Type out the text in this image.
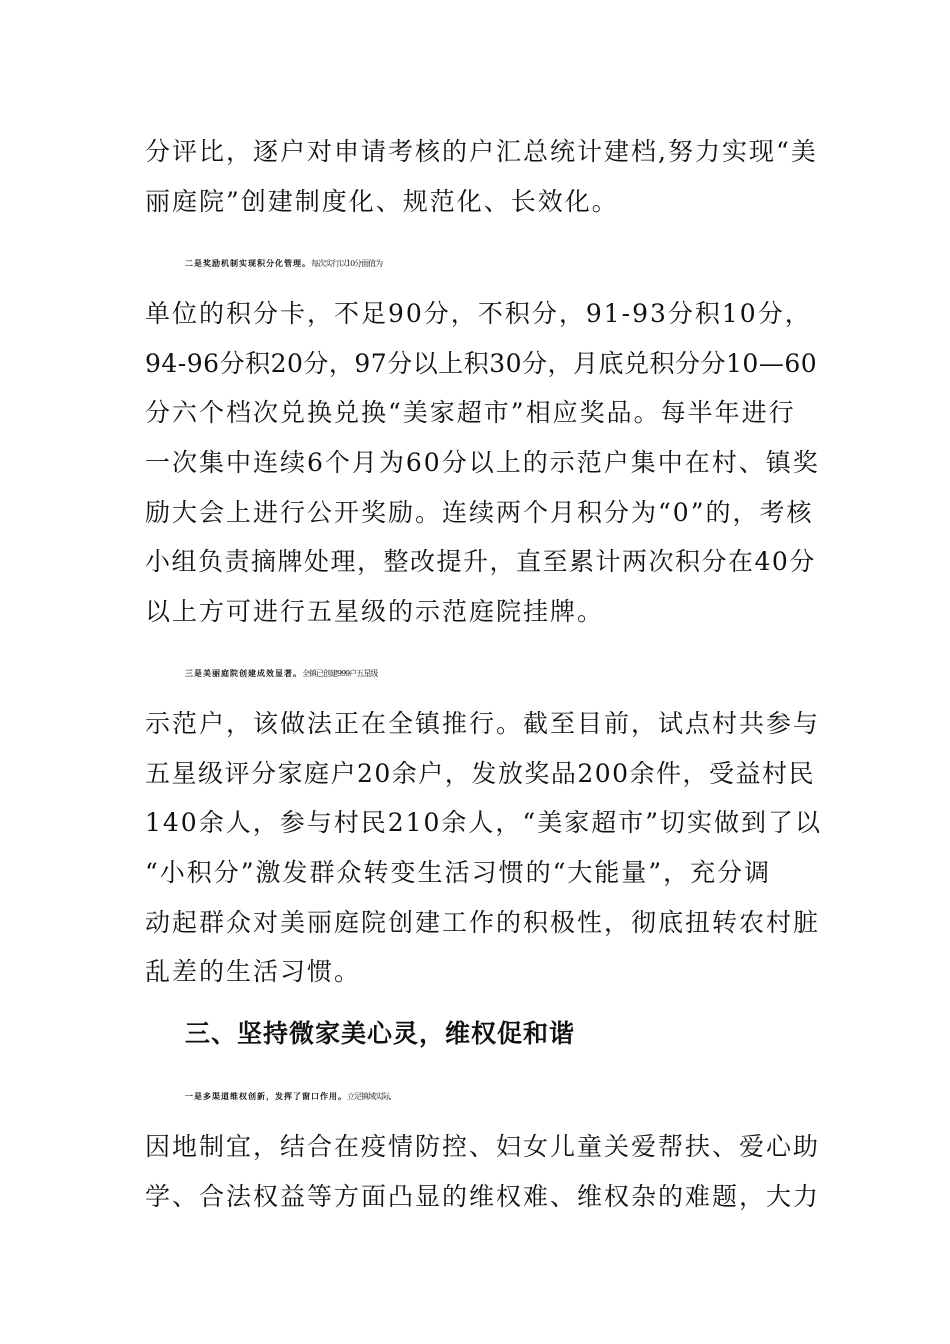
分评比，逐户对申请考核的户汇总统计建档,努力实现“美
丽庭院”创建制度化、规范化、长效化。
二是奖励机制实现积分化管理。每次实行以10分面值为
单位的积分卡，不足90分，不积分，91-93分积10分，
94-96分积20分，97分以上积30分，月底兑积分分10—60
分六个档次兑换兑换“美家超市”相应奖品。每半年进行
一次集中连续6个月为60分以上的示范户集中在村、镇奖
励大会上进行公开奖励。连续两个月积分为“0”的，考核
小组负责摘牌处理，整改提升，直至累计两次积分在40分
以上方可进行五星级的示范庭院挂牌。
三是美丽庭院创建成效显著。全镇已创建999户五星级
示范户，该做法正在全镇推行。截至目前，试点村共参与
五星级评分家庭户20余户，发放奖品200余件，受益村民
140余人，参与村民210余人，“美家超市”切实做到了以
“小积分”激发群众转变生活习惯的“大能量”，充分调
动起群众对美丽庭院创建工作的积极性，彻底扭转农村脏
乱差的生活习惯。
三、坚持微家美心灵，维权促和谐
一是多渠道维权创新，发挥了窗口作用。立足镇域实际,
因地制宜，结合在疫情防控、妇女儿童关爱帮扶、爱心助
学、合法权益等方面凸显的维权难、维权杂的难题，大力
